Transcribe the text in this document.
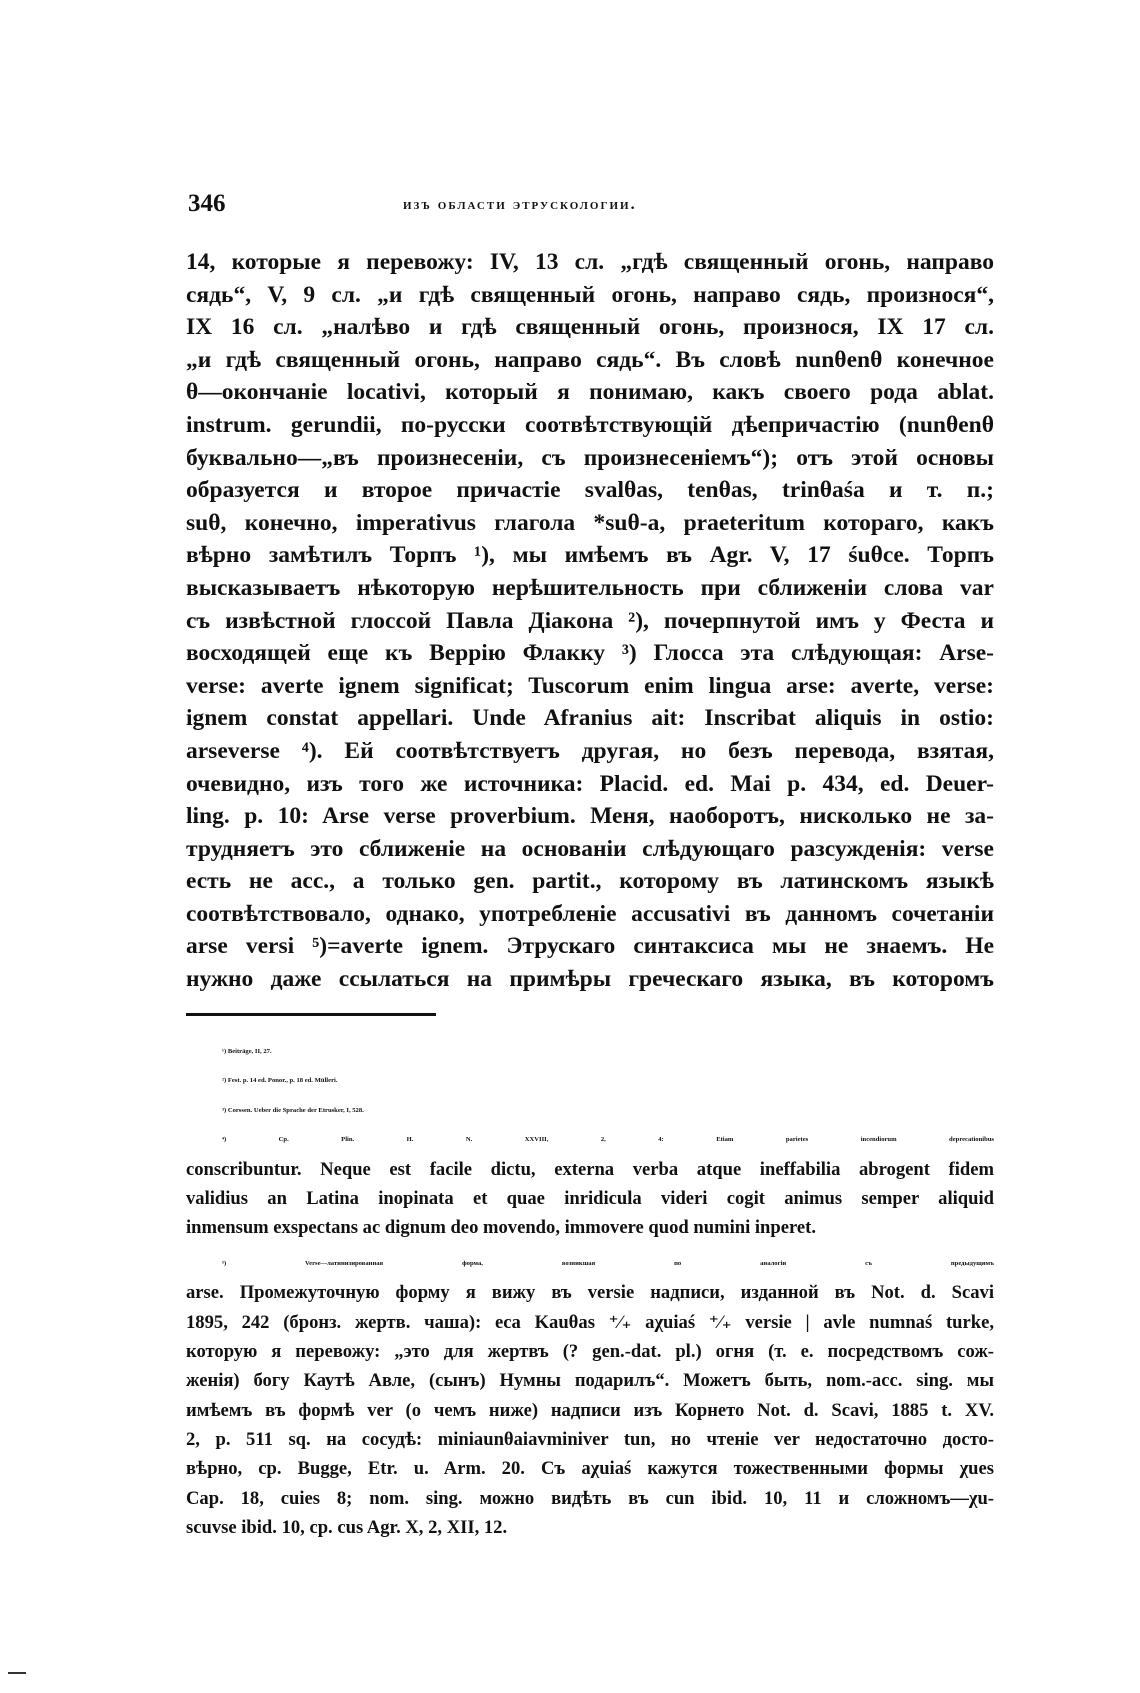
346	изъ области этрускологии.
14, которые я перевожу: IV, 13 сл. „гдѣ священный огонь, направо
сядь“, V, 9 сл. „и гдѣ священный огонь, направо сядь, произнося“,
IX 16 сл. „налѣво и гдѣ священный огонь, произнося, IX 17 сл.
„и гдѣ священный огонь, направо сядь“. Въ словѣ nunθenθ конечное
θ—окончаніе locativi, который я понимаю, какъ своего рода ablat.
instrum. gerundii, по-русски соотвѣтствующій дѣепричастію (nunθenθ
буквально—„въ произнесеніи, съ произнесеніемъ“); отъ этой основы
образуется и второе причастіе svalθas, tenθas, trinθaśa и т. п.;
suθ, конечно, imperativus глагола *suθ-a, praeteritum котораго, какъ
вѣрно замѣтилъ Торпъ ¹), мы имѣемъ въ Agr. V, 17 śuθce. Торпъ
высказываетъ нѣкоторую нерѣшительность при сближеніи слова var
съ извѣстной глоссой Павла Діакона ²), почерпнутой имъ у Феста и
восходящей еще къ Веррію Флакку ³) Глосса эта слѣдующая: Arse-
verse: averte ignem significat; Tuscorum enim lingua arse: averte, verse:
ignem constat appellari. Unde Afranius ait: Inscribat aliquis in ostio:
arseverse ⁴). Ей соотвѣтствуетъ другая, но безъ перевода, взятая,
очевидно, изъ того же источника: Placid. ed. Mai p. 434, ed. Deuer-
ling. p. 10: Arse verse proverbium. Меня, наоборотъ, нисколько не за-
трудняетъ это сближеніе на основаніи слѣдующаго разсужденія: verse
есть не acc., а только gen. partit., которому въ латинскомъ языкѣ
соотвѣтствовало, однако, употребленіе accusativi въ данномъ сочетаніи
arse versi ⁵)=averte ignem. Этрускаго синтаксиса мы не знаемъ. Не
нужно даже ссылаться на примѣры греческаго языка, въ которомъ
¹) Beiträge, II, 27.
²) Fest. p. 14 ed. Ponor., p. 18 ed. Mülleri.
³) Corssen. Ueber die Sprache der Etrusker, I, 528.
⁴) Cp. Plin. H. N. XXVIII, 2, 4: Etiam parietes incendiorum deprecationibus
conscribuntur. Neque est facile dictu, externa verba atque ineffabilia abrogent fidem
validius an Latina inopinata et quae inridicula videri cogit animus semper aliquid
inmensum exspectans ac dignum deo movendo, immovere quod numini inperet.
⁵) Verse—латинизированная форма, возникшая по аналогіи съ предыдущимъ
arse. Промежуточную форму я вижу въ versie надписи, изданной въ Not. d. Scavi
1895, 242 (бронз. жертв. чаша): eca Kauθas ⁺⁄₊ aχuiaś ⁺⁄₊ versie | avle numnaś turke,
которую я перевожу: „это для жертвъ (? gen.-dat. pl.) огня (т. е. посредствомъ сож-
женія) богу Каутѣ Авле, (сынъ) Нумны подарилъ“. Можетъ быть, nom.-acc. sing. мы
имѣемъ въ формѣ ver (о чемъ ниже) надписи изъ Корнето Not. d. Scavi, 1885 t. XV.
2, p. 511 sq. на сосудѣ: miniaunθaiavminiver tun, но чтеніе ver недостаточно досто-
вѣрно, ср. Bugge, Etr. u. Arm. 20. Съ aχuiaś кажутся тожественными формы χues
Cap. 18, cuies 8; nom. sing. можно видѣть въ cun ibid. 10, 11 и сложномъ—χu-
scuvse ibid. 10, ср. cus Agr. X, 2, XII, 12.
